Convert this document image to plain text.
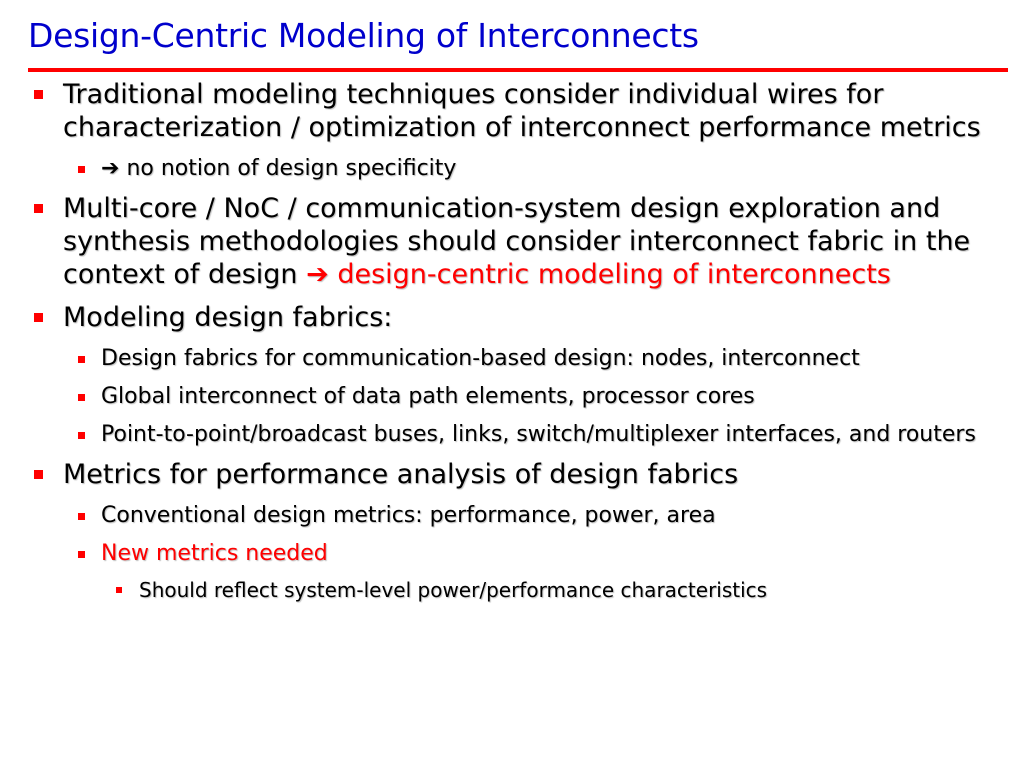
Design-Centric Modeling of Interconnects
Traditional modeling techniques consider individual wires for characterization / optimization of interconnect performance metrics
➔ no notion of design specificity
Multi-core / NoC / communication-system design exploration and synthesis methodologies should consider interconnect fabric in the context of design ➔ design-centric modeling of interconnects
Modeling design fabrics:
Design fabrics for communication-based design: nodes, interconnect
Global interconnect of data path elements, processor cores
Point-to-point/broadcast buses, links, switch/multiplexer interfaces, and routers
Metrics for performance analysis of design fabrics
Conventional design metrics: performance, power, area
New metrics needed
Should reflect system-level power/performance characteristics
